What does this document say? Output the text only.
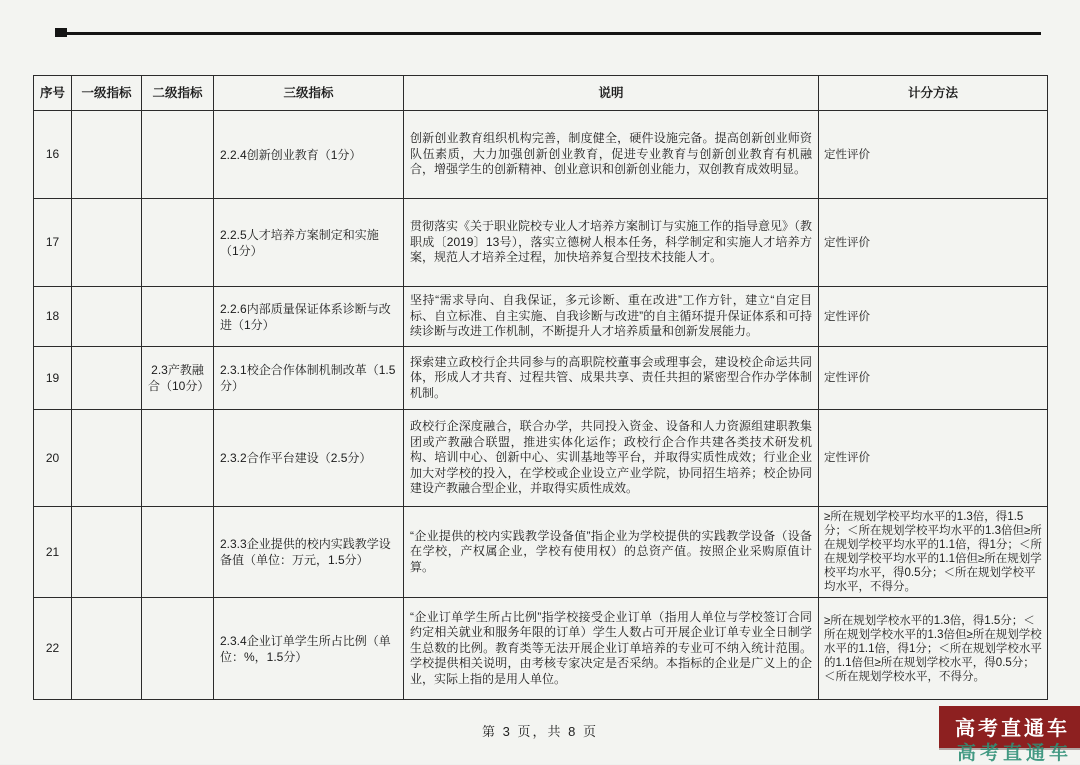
序号	一级指标	二级指标	三级指标	说明	计分方法
16			2.2.4创新创业教育（1分）	创新创业教育组织机构完善，制度健全，硬件设施完备。提高创新创业师资队伍素质，大力加强创新创业教育，促进专业教育与创新创业教育有机融合，增强学生的创新精神、创业意识和创新创业能力，双创教育成效明显。	定性评价
17			2.2.5人才培养方案制定和实施（1分）	贯彻落实《关于职业院校专业人才培养方案制订与实施工作的指导意见》（教职成〔2019〕13号），落实立德树人根本任务，科学制定和实施人才培养方案，规范人才培养全过程，加快培养复合型技术技能人才。	定性评价
18			2.2.6内部质量保证体系诊断与改进（1分）	坚持“需求导向、自我保证，多元诊断、重在改进”工作方针，建立“自定目标、自立标准、自主实施、自我诊断与改进”的自主循环提升保证体系和可持续诊断与改进工作机制，不断提升人才培养质量和创新发展能力。	定性评价
19		2.3产教融合（10分）	2.3.1校企合作体制机制改革（1.5分）	探索建立政校行企共同参与的高职院校董事会或理事会，建设校企命运共同体，形成人才共育、过程共管、成果共享、责任共担的紧密型合作办学体制机制。	定性评价
20			2.3.2合作平台建设（2.5分）	政校行企深度融合，联合办学，共同投入资金、设备和人力资源组建职教集团或产教融合联盟，推进实体化运作；政校行企合作共建各类技术研发机构、培训中心、创新中心、实训基地等平台，并取得实质性成效；行业企业加大对学校的投入，在学校或企业设立产业学院，协同招生培养；校企协同建设产教融合型企业，并取得实质性成效。	定性评价
21			2.3.3企业提供的校内实践教学设备值（单位：万元，1.5分）	“企业提供的校内实践教学设备值”指企业为学校提供的实践教学设备（设备在学校，产权属企业，学校有使用权）的总资产值。按照企业采购原值计算。	≥所在规划学校平均水平的1.3倍，得1.5分；＜所在规划学校平均水平的1.3倍但≥所在规划学校平均水平的1.1倍，得1分；＜所在规划学校平均水平的1.1倍但≥所在规划学校平均水平，得0.5分；＜所在规划学校平均水平，不得分。
22			2.3.4企业订单学生所占比例（单位：%，1.5分）	“企业订单学生所占比例”指学校接受企业订单（指用人单位与学校签订合同约定相关就业和服务年限的订单）学生人数占可开展企业订单专业全日制学生总数的比例。教育类等无法开展企业订单培养的专业可不纳入统计范围。学校提供相关说明，由考核专家决定是否采纳。本指标的企业是广义上的企业，实际上指的是用人单位。	≥所在规划学校水平的1.3倍，得1.5分；＜所在规划学校水平的1.3倍但≥所在规划学校水平的1.1倍，得1分；＜所在规划学校水平的1.1倍但≥所在规划学校水平，得0.5分；＜所在规划学校水平，不得分。
第 3 页，共 8 页	高考直通车
高考直通车
